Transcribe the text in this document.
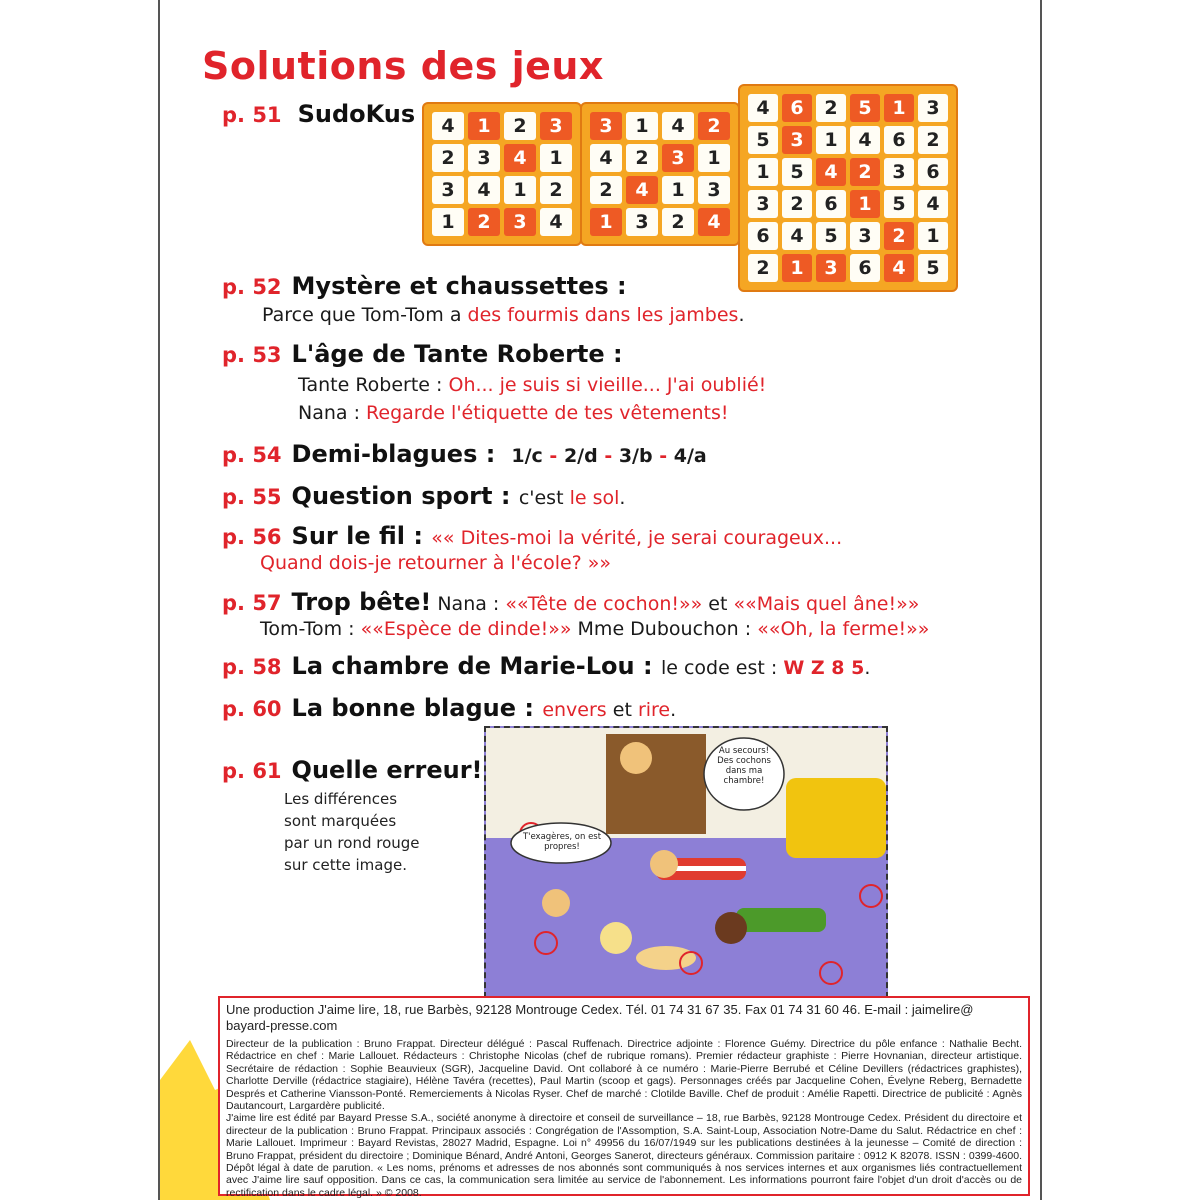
Solutions des jeux
p. 51 SudoKus	4	1	2	3
2	3	4	1
3	4	1	2
1	2	3	4
3	1	4	2
4	2	3	1
2	4	1	3
1	3	2	4
4	6	2	5	1	3
5	3	1	4	6	2
1	5	4	2	3	6
3	2	6	1	5	4
6	4	5	3	2	1
2	1	3	6	4	5
p. 52 Mystère et chaussettes :
Parce que Tom-Tom a des fourmis dans les jambes.
p. 53 L'âge de Tante Roberte :
Tante Roberte : Oh... je suis si vieille... J'ai oublié!
Nana : Regarde l'étiquette de tes vêtements!
p. 54 Demi-blagues : 1/c - 2/d - 3/b - 4/a
p. 55 Question sport : c'est le sol.
p. 56 Sur le fil : «« Dites-moi la vérité, je serai courageux...
Quand dois-je retourner à l'école? »»
p. 57 Trop bête! Nana : ««Tête de cochon!»» et ««Mais quel âne!»»
Tom-Tom : ««Espèce de dinde!»» Mme Dubouchon : ««Oh, la ferme!»»
p. 58 La chambre de Marie-Lou : le code est : W Z 8 5.
p. 60 La bonne blague : envers et rire.
p. 61 Quelle erreur!
Les différences
sont marquées
par un rond rouge
sur cette image.
Au secours! Des cochons dans ma chambre!
T'exagères, on est propres!
Une production J'aime lire, 18, rue Barbès, 92128 Montrouge Cedex. Tél. 01 74 31 67 35. Fax 01 74 31 60 46. E-mail : jaimelire@
bayard-presse.com
Directeur de la publication : Bruno Frappat. Directeur délégué : Pascal Ruffenach. Directrice adjointe : Florence Guémy. Directrice du pôle enfance : Nathalie Becht. Rédactrice en chef : Marie Lallouet. Rédacteurs : Christophe Nicolas (chef de rubrique romans). Premier rédacteur graphiste : Pierre Hovnanian, directeur artistique. Secrétaire de rédaction : Sophie Beauvieux (SGR), Jacqueline David. Ont collaboré à ce numéro : Marie-Pierre Berrubé et Céline Devillers (rédactrices graphistes), Charlotte Derville (rédactrice stagiaire), Hélène Tavéra (recettes), Paul Martin (scoop et gags). Personnages créés par Jacqueline Cohen, Évelyne Reberg, Bernadette Després et Catherine Viansson-Ponté. Remerciements à Nicolas Ryser. Chef de marché : Clotilde Baville. Chef de produit : Amélie Rapetti. Directrice de publicité : Agnès Dautancourt, Largardère publicité.
J'aime lire est édité par Bayard Presse S.A., société anonyme à directoire et conseil de surveillance – 18, rue Barbès, 92128 Montrouge Cedex. Président du directoire et directeur de la publication : Bruno Frappat. Principaux associés : Congrégation de l'Assomption, S.A. Saint-Loup, Association Notre-Dame du Salut. Rédactrice en chef : Marie Lallouet. Imprimeur : Bayard Revistas, 28027 Madrid, Espagne. Loi n° 49956 du 16/07/1949 sur les publications destinées à la jeunesse – Comité de direction : Bruno Frappat, président du directoire ; Dominique Bénard, André Antoni, Georges Sanerot, directeurs généraux. Commission paritaire : 0912 K 82078. ISSN : 0399-4600. Dépôt légal à date de parution. « Les noms, prénoms et adresses de nos abonnés sont communiqués à nos services internes et aux organismes liés contractuellement avec J'aime lire sauf opposition. Dans ce cas, la communication sera limitée au service de l'abonnement. Les informations pourront faire l'objet d'un droit d'accès ou de rectification dans le cadre légal. » © 2008.
